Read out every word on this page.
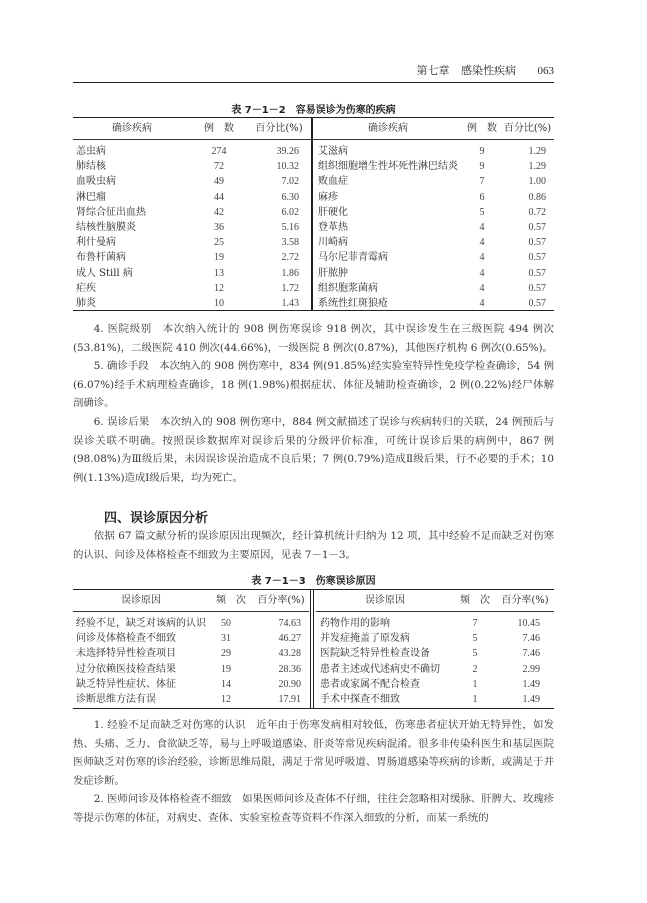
第七章 感染性疾病 063
表 7－1－2　容易误诊为伤寒的疾病
确诊疾病	例　数	百分比(%)
恙虫病	274	39.26
肺结核	72	10.32
血吸虫病	49	7.02
淋巴瘤	44	6.30
肾综合征出血热	42	6.02
结核性脑膜炎	36	5.16
利什曼病	25	3.58
布鲁杆菌病	19	2.72
成人 Still 病	13	1.86
疟疾	12	1.72
肺炎	10	1.43
确诊疾病	例　数 百分比(%)
艾滋病	9	1.29
组织细胞增生性坏死性淋巴结炎	9	1.29
败血症	7	1.00
麻疹	6	0.86
肝硬化	5	0.72
登革热	4	0.57
川崎病	4	0.57
马尔尼菲青霉病	4	0.57
肝脓肿	4	0.57
组织胞浆菌病	4	0.57
系统性红斑狼疮	4	0.57
4. 医院级别　本次纳入统计的 908 例伤寒误诊 918 例次，其中误诊发生在三级医院 494 例次(53.81%)，二级医院 410 例次(44.66%)，一级医院 8 例次(0.87%)，其他医疗机构 6 例次(0.65%)。
5. 确诊手段　本次纳入的 908 例伤寒中，834 例(91.85%)经实验室特异性免疫学检查确诊，54 例(6.07%)经手术病理检查确诊，18 例(1.98%)根据症状、体征及辅助检查确诊，2 例(0.22%)经尸体解剖确诊。
6. 误诊后果　本次纳入的 908 例伤寒中，884 例文献描述了误诊与疾病转归的关联，24 例预后与误诊关联不明确。按照误诊数据库对误诊后果的分级评价标准，可统计误诊后果的病例中，867 例(98.08%)为Ⅲ级后果，未因误诊误治造成不良后果；7 例(0.79%)造成Ⅱ级后果，行不必要的手术；10 例(1.13%)造成Ⅰ级后果，均为死亡。
四、误诊原因分析
依据 67 篇文献分析的误诊原因出现频次，经计算机统计归纳为 12 项，其中经验不足而缺乏对伤寒的认识、问诊及体格检查不细致为主要原因，见表 7－1－3。
表 7－1－3　伤寒误诊原因
误诊原因	频　次	百分率(%)
经验不足，缺乏对该病的认识	50	74.63
问诊及体格检查不细致	31	46.27
未选择特异性检查项目	29	43.28
过分依赖医技检查结果	19	28.36
缺乏特异性症状、体征	14	20.90
诊断思维方法有误	12	17.91
误诊原因	频　次	百分率(%)
药物作用的影响	7	10.45
并发症掩盖了原发病	5	7.46
医院缺乏特异性检查设备	5	7.46
患者主述或代述病史不确切	2	2.99
患者或家属不配合检查	1	1.49
手术中探查不细致	1	1.49
1. 经验不足而缺乏对伤寒的认识　近年由于伤寒发病相对较低，伤寒患者症状开始无特异性，如发热、头痛、乏力、食欲缺乏等，易与上呼吸道感染、肝炎等常见疾病混淆。很多非传染科医生和基层医院医师缺乏对伤寒的诊治经验，诊断思维局限，满足于常见呼吸道、胃肠道感染等疾病的诊断，或满足于并发症诊断。
2. 医师问诊及体格检查不细致　如果医师问诊及查体不仔细，往往会忽略相对缓脉、肝脾大、玫瑰疹等提示伤寒的体征，对病史、查体、实验室检查等资料不作深入细致的分析，而某一系统的
